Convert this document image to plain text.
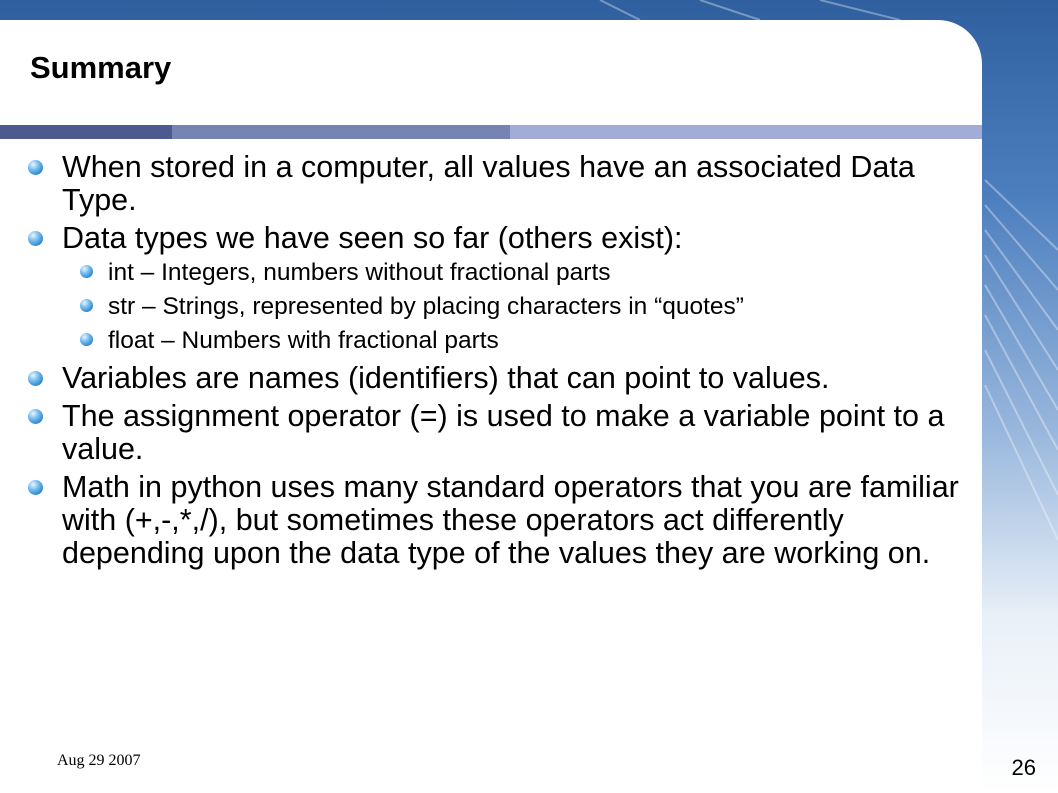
Summary
When stored in a computer, all values have an associated Data Type.
Data types we have seen so far (others exist):
int – Integers, numbers without fractional parts
str – Strings, represented by placing characters in “quotes”
float – Numbers with fractional parts
Variables are names (identifiers) that can point to values.
The assignment operator (=) is used to make a variable point to a value.
Math in python uses many standard operators that you are familiar with (+,-,*,/), but sometimes these operators act differently depending upon the data type of the values they are working on.
Aug 29 2007	26
